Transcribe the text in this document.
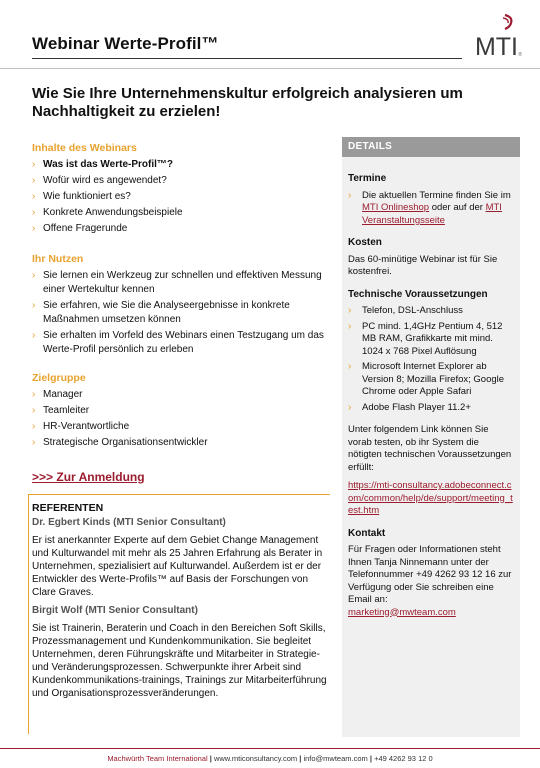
Webinar Werte-Profil™	MTI ®
Wie Sie Ihre Unternehmenskultur erfolgreich analysieren um Nachhaltigkeit zu erzielen!
Inhalte des Webinars
› Was ist das Werte-Profil™?
› Wofür wird es angewendet?
› Wie funktioniert es?
› Konkrete Anwendungsbeispiele
› Offene Fragerunde
Ihr Nutzen
› Sie lernen ein Werkzeug zur schnellen und effektiven Messung einer Wertekultur kennen
› Sie erfahren, wie Sie die Analyseergebnisse in konkrete Maßnahmen umsetzen können
› Sie erhalten im Vorfeld des Webinars einen Testzugang um das Werte-Profil persönlich zu erleben
Zielgruppe
› Manager
› Teamleiter
› HR-Verantwortliche
› Strategische Organisationsentwickler
>>> Zur Anmeldung
REFERENTEN
Dr. Egbert Kinds (MTI Senior Consultant)

Er ist anerkannter Experte auf dem Gebiet Change Management und Kulturwandel mit mehr als 25 Jahren Erfahrung als Berater in Unternehmen, spezialisiert auf Kulturwandel. Außerdem ist er der Entwickler des Werte-Profils™ auf Basis der Forschungen von Clare Graves.

Birgit Wolf (MTI Senior Consultant)

Sie ist Trainerin, Beraterin und Coach in den Bereichen Soft Skills, Prozessmanagement und Kundenkommunikation. Sie begleitet Unternehmen, deren Führungskräfte und Mitarbeiter in Strategie- und Veränderungsprozessen. Schwerpunkte ihrer Arbeit sind Kundenkommunikations-trainings, Trainings zur Mitarbeiterführung und Organisationsprozessveränderungen.

DETAILS
Termine
› Die aktuellen Termine finden Sie im MTI Onlineshop oder auf der MTI Veranstaltungsseite
Kosten

Das 60-minütige Webinar ist für Sie kostenfrei.

Technische Voraussetzungen
› Telefon, DSL-Anschluss
› PC mind. 1,4GHz Pentium 4, 512 MB RAM, Grafikkarte mit mind. 1024 x 768 Pixel Auflösung
› Microsoft Internet Explorer ab Version 8; Mozilla Firefox; Google Chrome oder Apple Safari
› Adobe Flash Player 11.2+

Unter folgendem Link können Sie vorab testen, ob ihr System die nötigten technischen Voraussetzungen erfüllt:

https://mti-consultancy.adobeconnect.com/common/help/de/support/meeting_test.htm

Kontakt

Für Fragen oder Informationen steht Ihnen Tanja Ninnemann unter der Telefonnummer +49 4262 93 12 16 zur Verfügung oder Sie schreiben eine Email an:

marketing@mwteam.com

Machwürth Team International | www.mticonsultancy.com | info@mwteam.com | +49 4262 93 12 0
